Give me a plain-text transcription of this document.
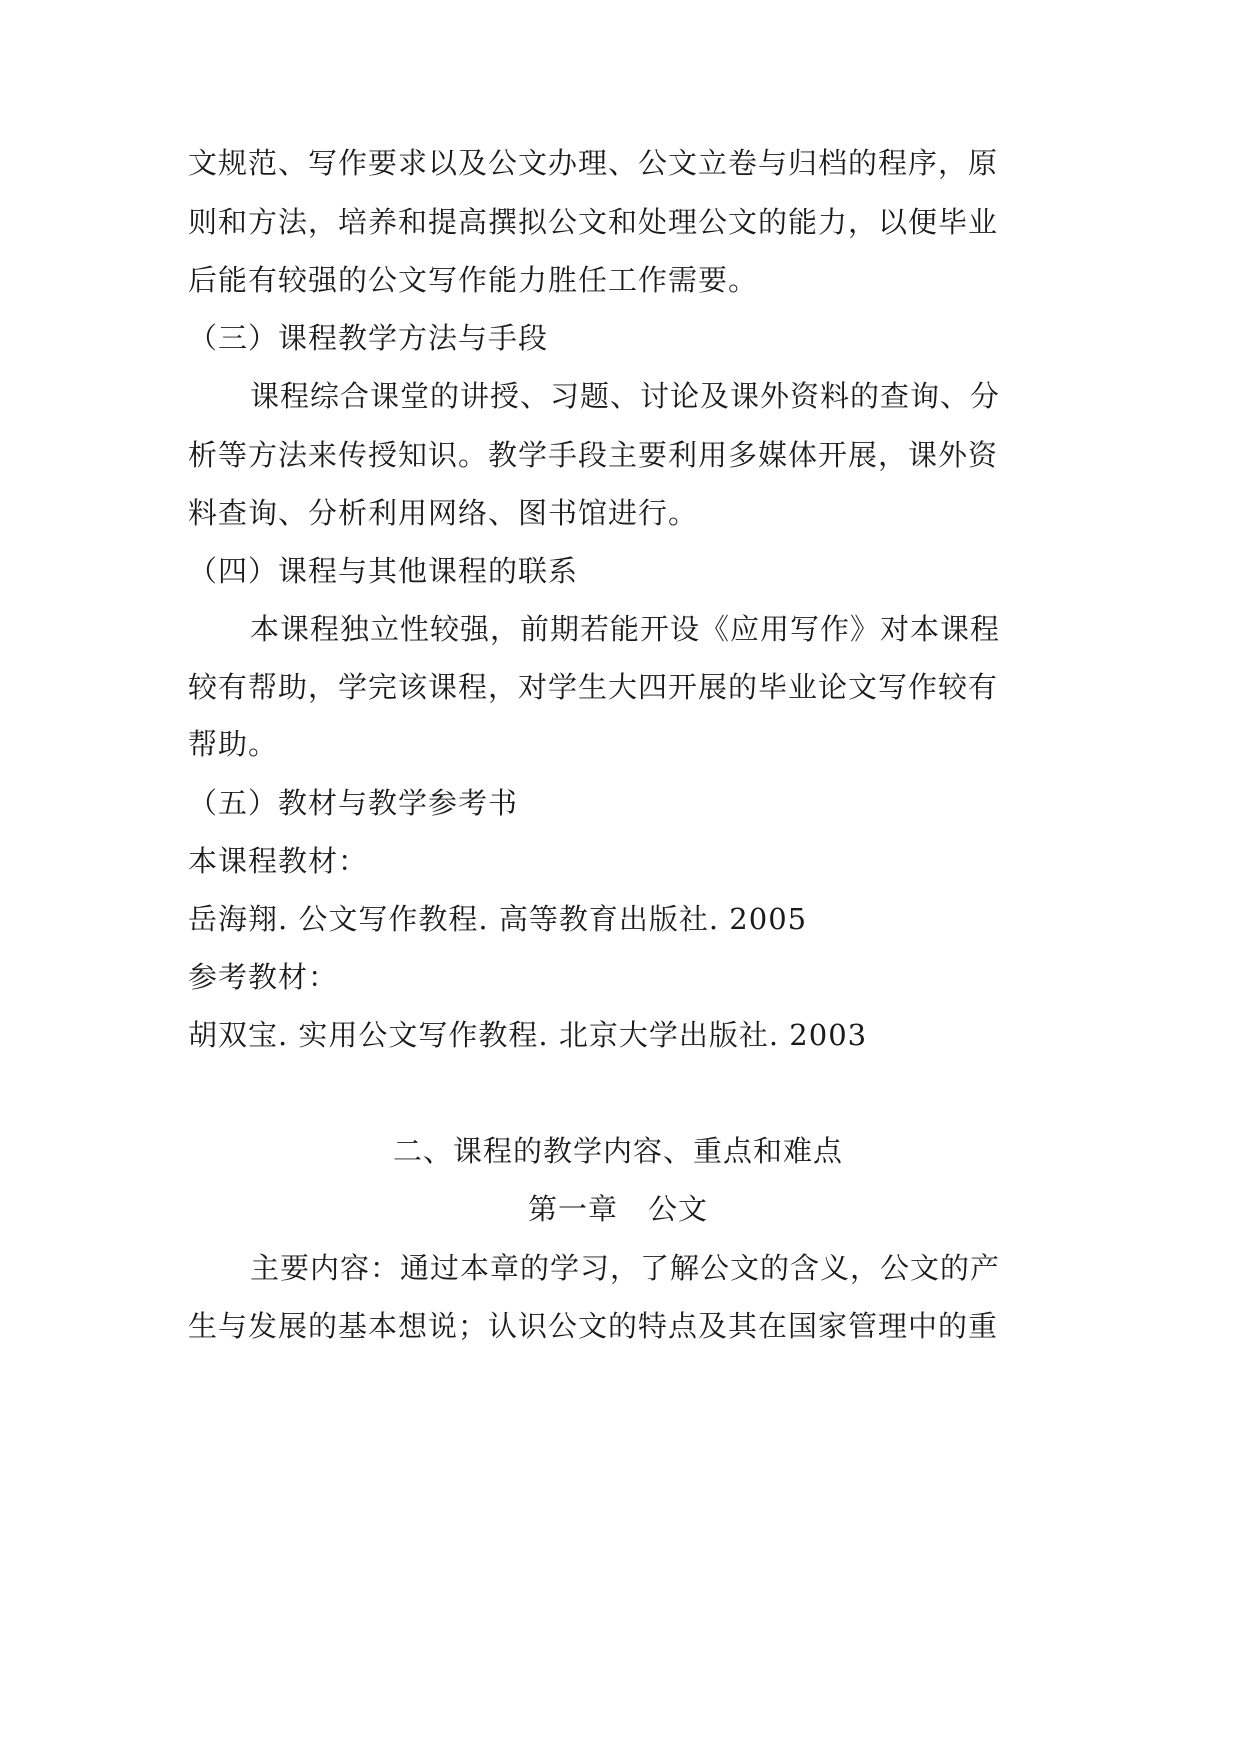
文规范、写作要求以及公文办理、公文立卷与归档的程序，原
则和方法，培养和提高撰拟公文和处理公文的能力，以便毕业
后能有较强的公文写作能力胜任工作需要。
（三）课程教学方法与手段
课程综合课堂的讲授、习题、讨论及课外资料的查询、分
析等方法来传授知识。教学手段主要利用多媒体开展，课外资
料查询、分析利用网络、图书馆进行。
（四）课程与其他课程的联系
本课程独立性较强，前期若能开设《应用写作》对本课程
较有帮助，学完该课程，对学生大四开展的毕业论文写作较有
帮助。
（五）教材与教学参考书
本课程教材：
岳海翔. 公文写作教程. 高等教育出版社. 2005
参考教材：
胡双宝. 实用公文写作教程. 北京大学出版社. 2003
二、课程的教学内容、重点和难点
第一章　公文
主要内容：通过本章的学习，了解公文的含义，公文的产
生与发展的基本想说；认识公文的特点及其在国家管理中的重
